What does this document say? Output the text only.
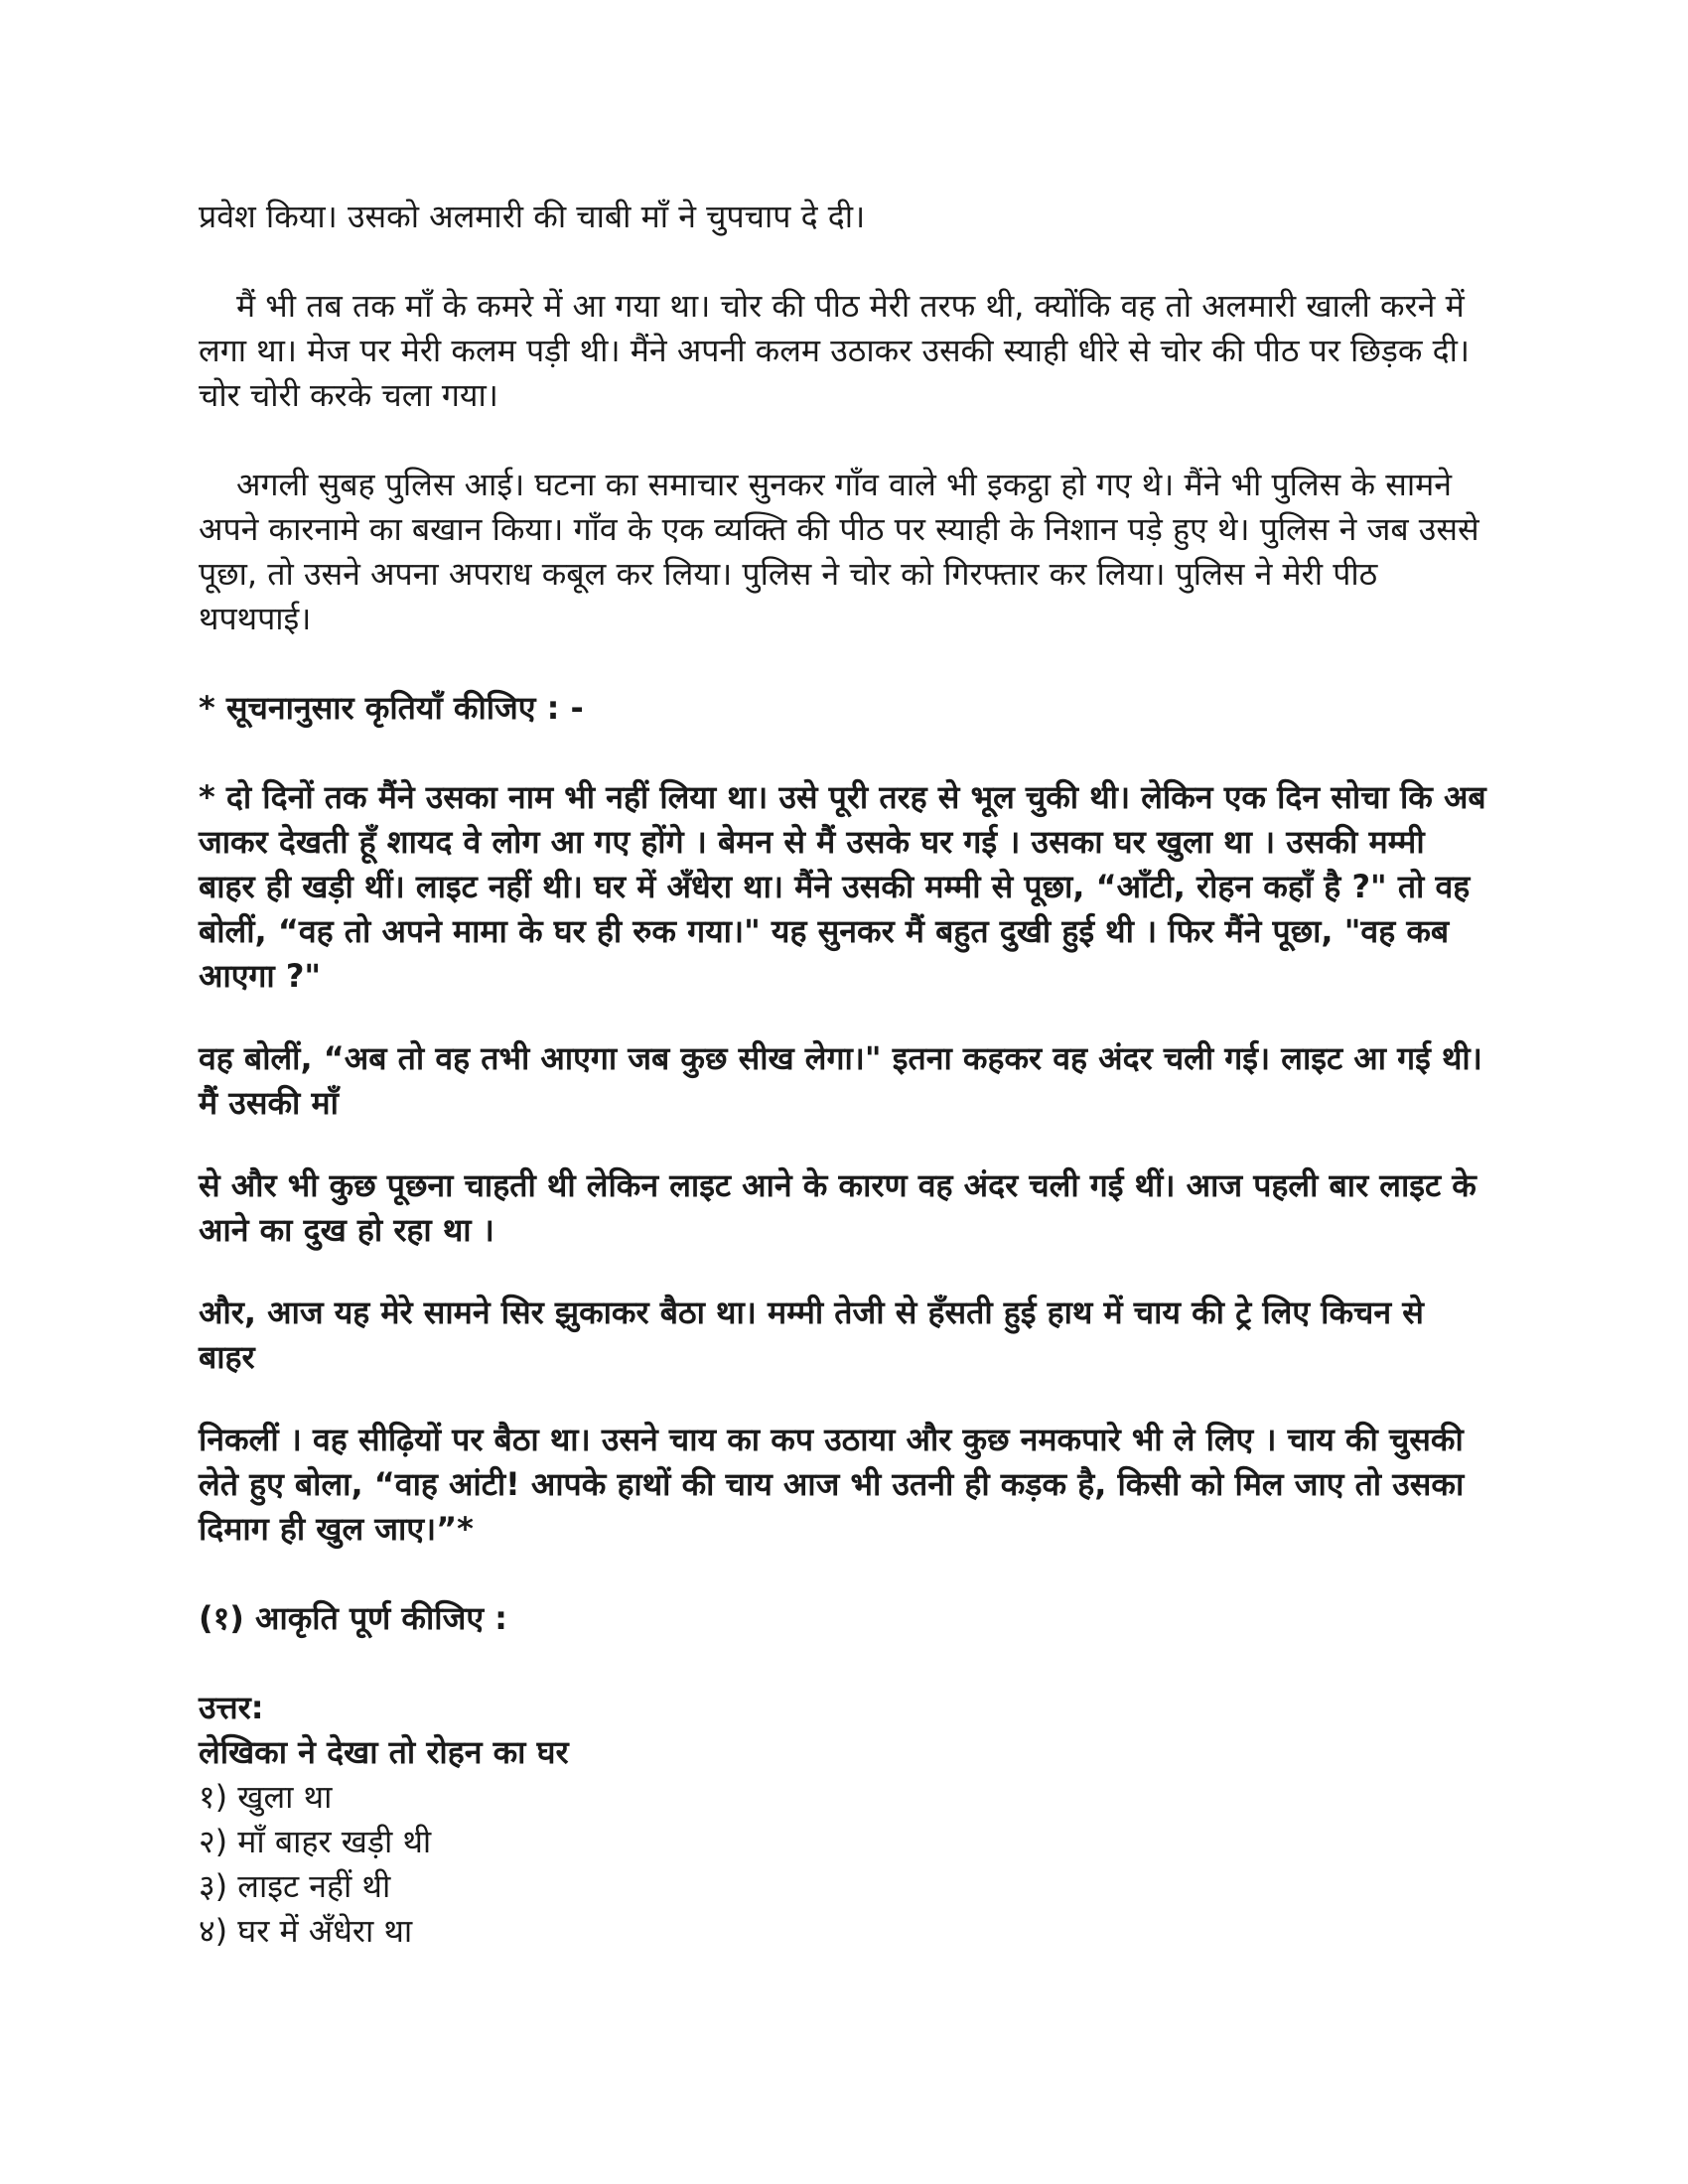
प्रवेश किया। उसको अलमारी की चाबी माँ ने चुपचाप दे दी।

मैं भी तब तक माँ के कमरे में आ गया था। चोर की पीठ मेरी तरफ थी, क्योंकि वह तो अलमारी खाली करने में लगा था। मेज पर मेरी कलम पड़ी थी। मैंने अपनी कलम उठाकर उसकी स्याही धीरे से चोर की पीठ पर छिड़क दी। चोर चोरी करके चला गया।

अगली सुबह पुलिस आई। घटना का समाचार सुनकर गाँव वाले भी इकट्ठा हो गए थे। मैंने भी पुलिस के सामने अपने कारनामे का बखान किया। गाँव के एक व्यक्ति की पीठ पर स्याही के निशान पड़े हुए थे। पुलिस ने जब उससे पूछा, तो उसने अपना अपराध कबूल कर लिया। पुलिस ने चोर को गिरफ्तार कर लिया। पुलिस ने मेरी पीठ थपथपाई।

* सूचनानुसार कृतियाँ कीजिए : -

* दो दिनों तक मैंने उसका नाम भी नहीं लिया था। उसे पूरी तरह से भूल चुकी थी। लेकिन एक दिन सोचा कि अब जाकर देखती हूँ शायद वे लोग आ गए होंगे । बेमन से मैं उसके घर गई । उसका घर खुला था । उसकी मम्मी बाहर ही खड़ी थीं। लाइट नहीं थी। घर में अँधेरा था। मैंने उसकी मम्मी से पूछा, “आँटी, रोहन कहाँ है ?" तो वह बोलीं, “वह तो अपने मामा के घर ही रुक गया।" यह सुनकर मैं बहुत दुखी हुई थी । फिर मैंने पूछा, "वह कब आएगा ?"

वह बोलीं, “अब तो वह तभी आएगा जब कुछ सीख लेगा।" इतना कहकर वह अंदर चली गई। लाइट आ गई थी। मैं उसकी माँ

से और भी कुछ पूछना चाहती थी लेकिन लाइट आने के कारण वह अंदर चली गई थीं। आज पहली बार लाइट के आने का दुख हो रहा था ।

और, आज यह मेरे सामने सिर झुकाकर बैठा था। मम्मी तेजी से हँसती हुई हाथ में चाय की ट्रे लिए किचन से बाहर

निकलीं । वह सीढ़ियों पर बैठा था। उसने चाय का कप उठाया और कुछ नमकपारे भी ले लिए । चाय की चुसकी लेते हुए बोला, “वाह आंटी! आपके हाथों की चाय आज भी उतनी ही कड़क है, किसी को मिल जाए तो उसका दिमाग ही खुल जाए।”*

(१) आकृति पूर्ण कीजिए :

उत्तर:

लेखिका ने देखा तो रोहन का घर

१) खुला था

२) माँ बाहर खड़ी थी

३) लाइट नहीं थी

४) घर में अँधेरा था
